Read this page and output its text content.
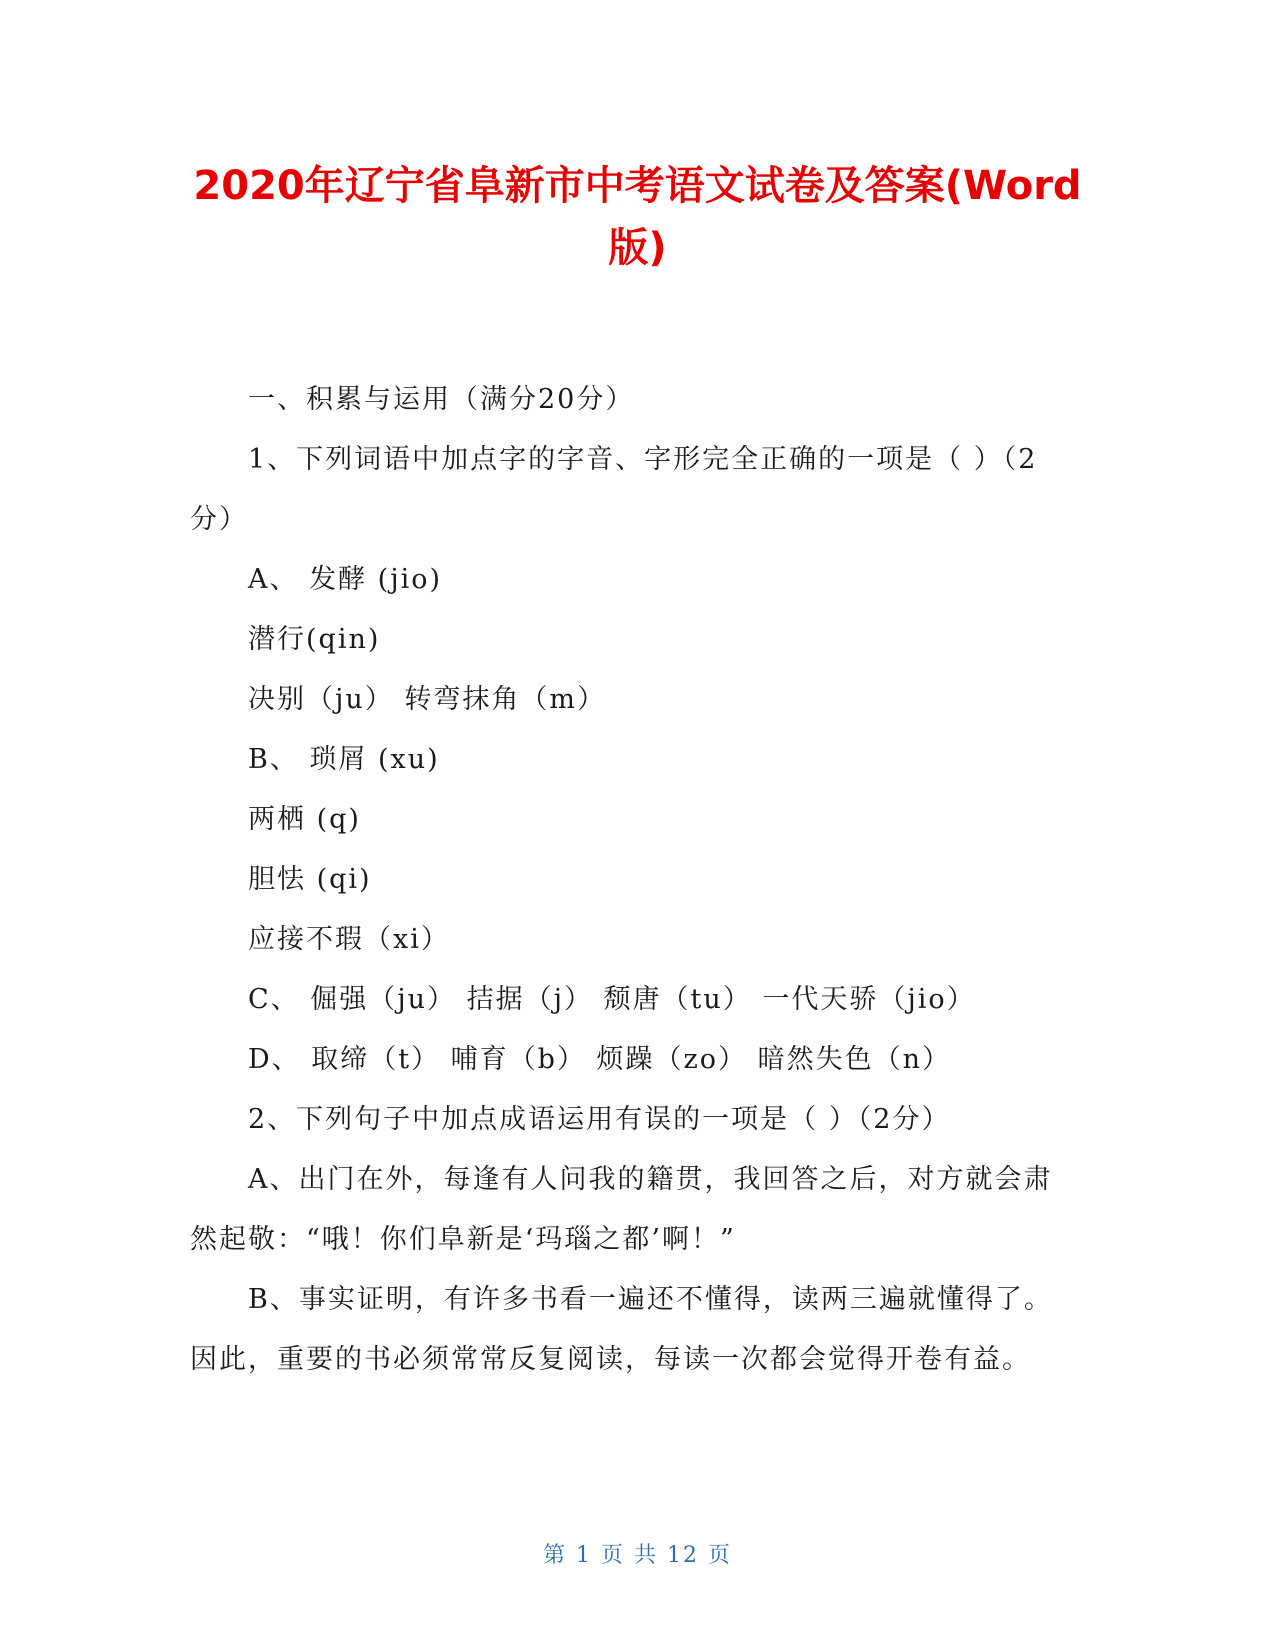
2020年辽宁省阜新市中考语文试卷及答案(Word版)

一、积累与运用（满分20分）

1、下列词语中加点字的字音、字形完全正确的一项是（ ）（2分）

A、 发酵 (jio)

潜行(qin)

决别（ju） 转弯抹角（m）

B、 琐屑 (xu)

两栖 (q)

胆怯 (qi)

应接不瑕（xi）

C、 倔强（ju） 拮据（j） 颓唐（tu） 一代天骄（jio）

D、 取缔（t） 哺育（b） 烦躁（zo） 暗然失色（n）

2、下列句子中加点成语运用有误的一项是（ ）（2分）

A、出门在外，每逢有人问我的籍贯，我回答之后，对方就会肃然起敬：“哦！你们阜新是‘玛瑙之都’啊！”

B、事实证明，有许多书看一遍还不懂得，读两三遍就懂得了。因此，重要的书必须常常反复阅读，每读一次都会觉得开卷有益。

第 1 页 共 12 页
